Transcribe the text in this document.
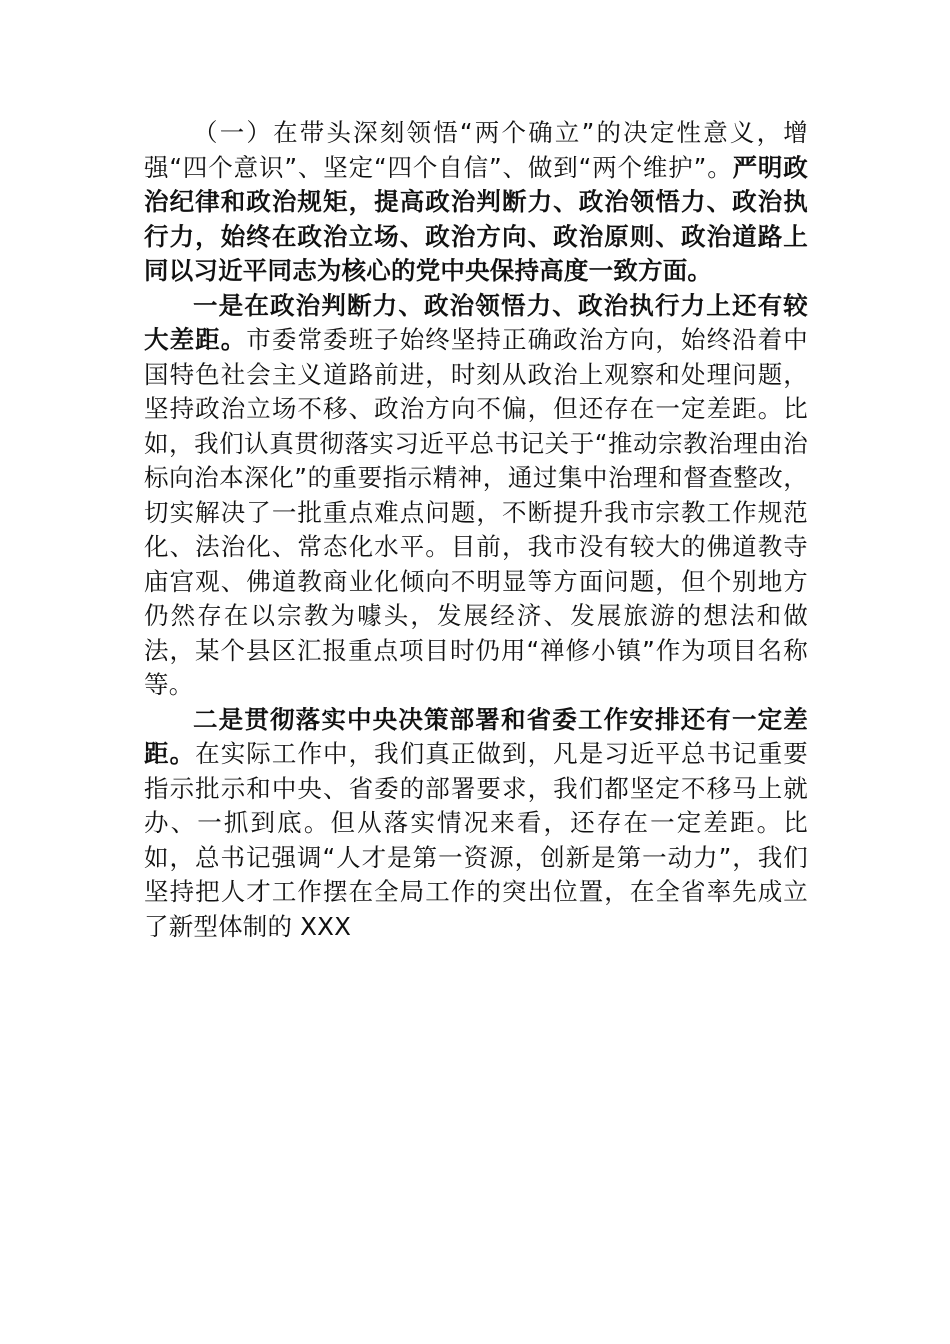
（一）在带头深刻领悟“两个确立”的决定性意义，增强“四个意识”、坚定“四个自信”、做到“两个维护”。严明政治纪律和政治规矩，提高政治判断力、政治领悟力、政治执行力，始终在政治立场、政治方向、政治原则、政治道路上同以习近平同志为核心的党中央保持高度一致方面。

一是在政治判断力、政治领悟力、政治执行力上还有较大差距。市委常委班子始终坚持正确政治方向，始终沿着中国特色社会主义道路前进，时刻从政治上观察和处理问题，坚持政治立场不移、政治方向不偏，但还存在一定差距。比如，我们认真贯彻落实习近平总书记关于“推动宗教治理由治标向治本深化”的重要指示精神，通过集中治理和督查整改，切实解决了一批重点难点问题，不断提升我市宗教工作规范化、法治化、常态化水平。目前，我市没有较大的佛道教寺庙宫观、佛道教商业化倾向不明显等方面问题，但个别地方仍然存在以宗教为噱头，发展经济、发展旅游的想法和做法，某个县区汇报重点项目时仍用“禅修小镇”作为项目名称等。

二是贯彻落实中央决策部署和省委工作安排还有一定差距。在实际工作中，我们真正做到，凡是习近平总书记重要指示批示和中央、省委的部署要求，我们都坚定不移马上就办、一抓到底。但从落实情况来看，还存在一定差距。比如，总书记强调“人才是第一资源，创新是第一动力”，我们坚持把人才工作摆在全局工作的突出位置，在全省率先成立了新型体制的 XXX
